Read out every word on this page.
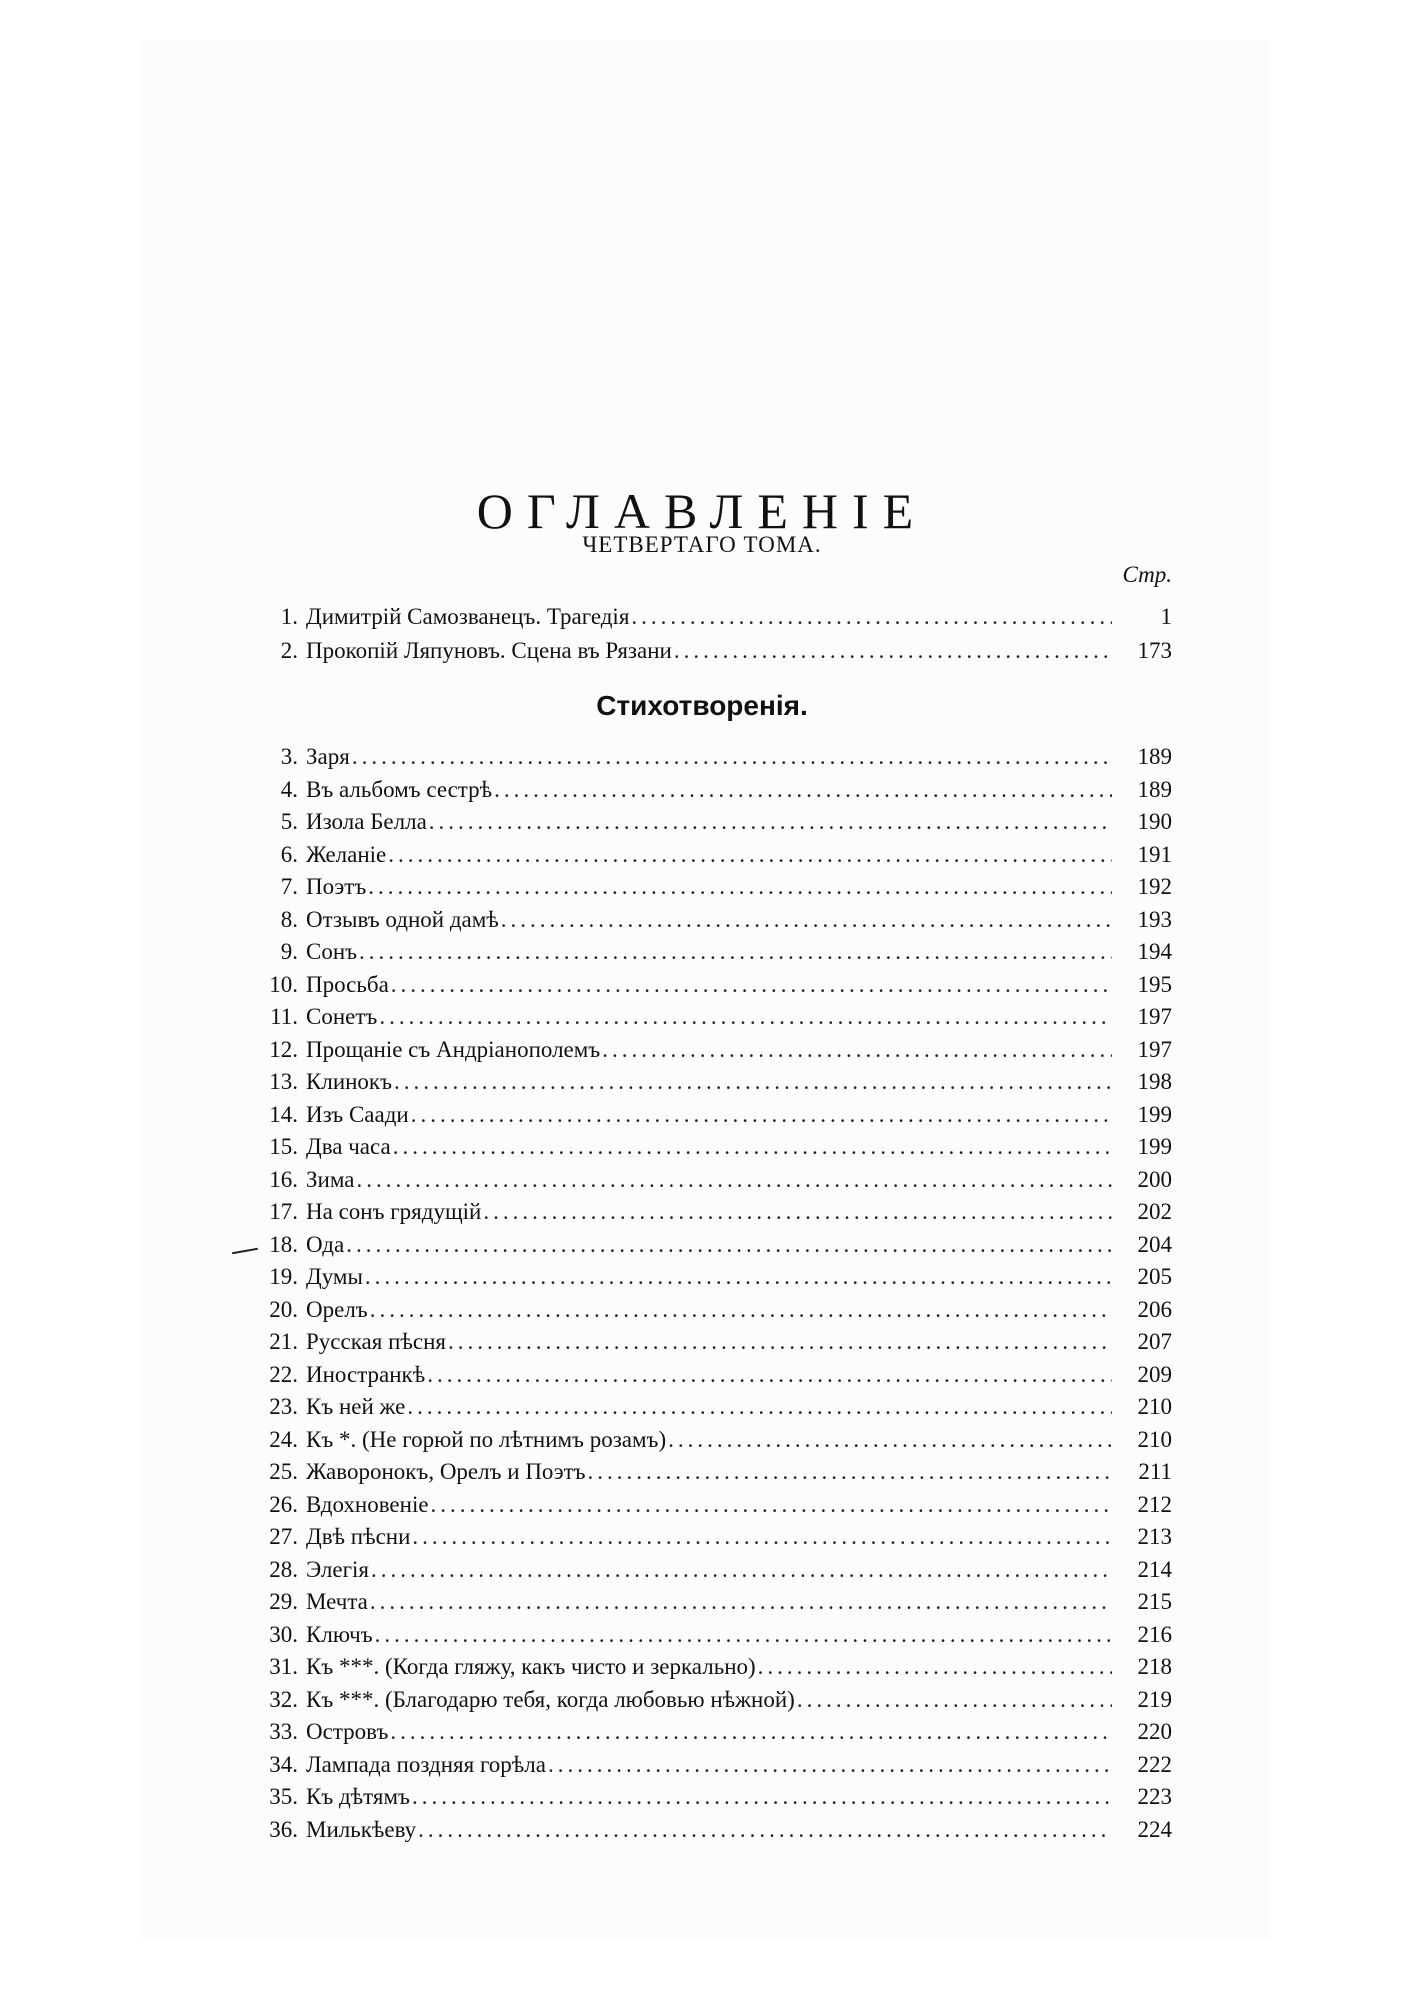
ОГЛАВЛЕНІЕ
ЧЕТВЕРТАГО ТОМА.
Стр.
1. Димитрій Самозванецъ. Трагедія .....	1
2. Прокопій Ляпуновъ. Сцена въ Рязани .....	173
Стихотворенія.
3. Заря .....	189
4. Въ альбомъ сестрѣ .....	189
5. Изола Белла .....	190
6. Желаніе .....	191
7. Поэтъ .....	192
8. Отзывъ одной дамѣ .....	193
9. Сонъ .....	194
10. Просьба .....	195
11. Сонетъ .....	197
12. Прощаніе съ Андріанополемъ .....	197
13. Клинокъ .....	198
14. Изъ Саади .....	199
15. Два часа .....	199
16. Зима .....	200
17. На сонъ грядущій .....	202
18. Ода .....	204
19. Думы .....	205
20. Орелъ .....	206
21. Русская пѣсня .....	207
22. Иностранкѣ .....	209
23. Къ ней же .....	210
24. Къ *. (Не горюй по лѣтнимъ розамъ) .....	210
25. Жаворонокъ, Орелъ и Поэтъ .....	211
26. Вдохновеніе .....	212
27. Двѣ пѣсни .....	213
28. Элегія .....	214
29. Мечта .....	215
30. Ключъ .....	216
31. Къ ***. (Когда гляжу, какъ чисто и зеркально) .....	218
32. Къ ***. (Благодарю тебя, когда любовью нѣжной) .....	219
33. Островъ .....	220
34. Лампада поздняя горѣла .....	222
35. Къ дѣтямъ .....	223
36. Милькѣеву .....	224
